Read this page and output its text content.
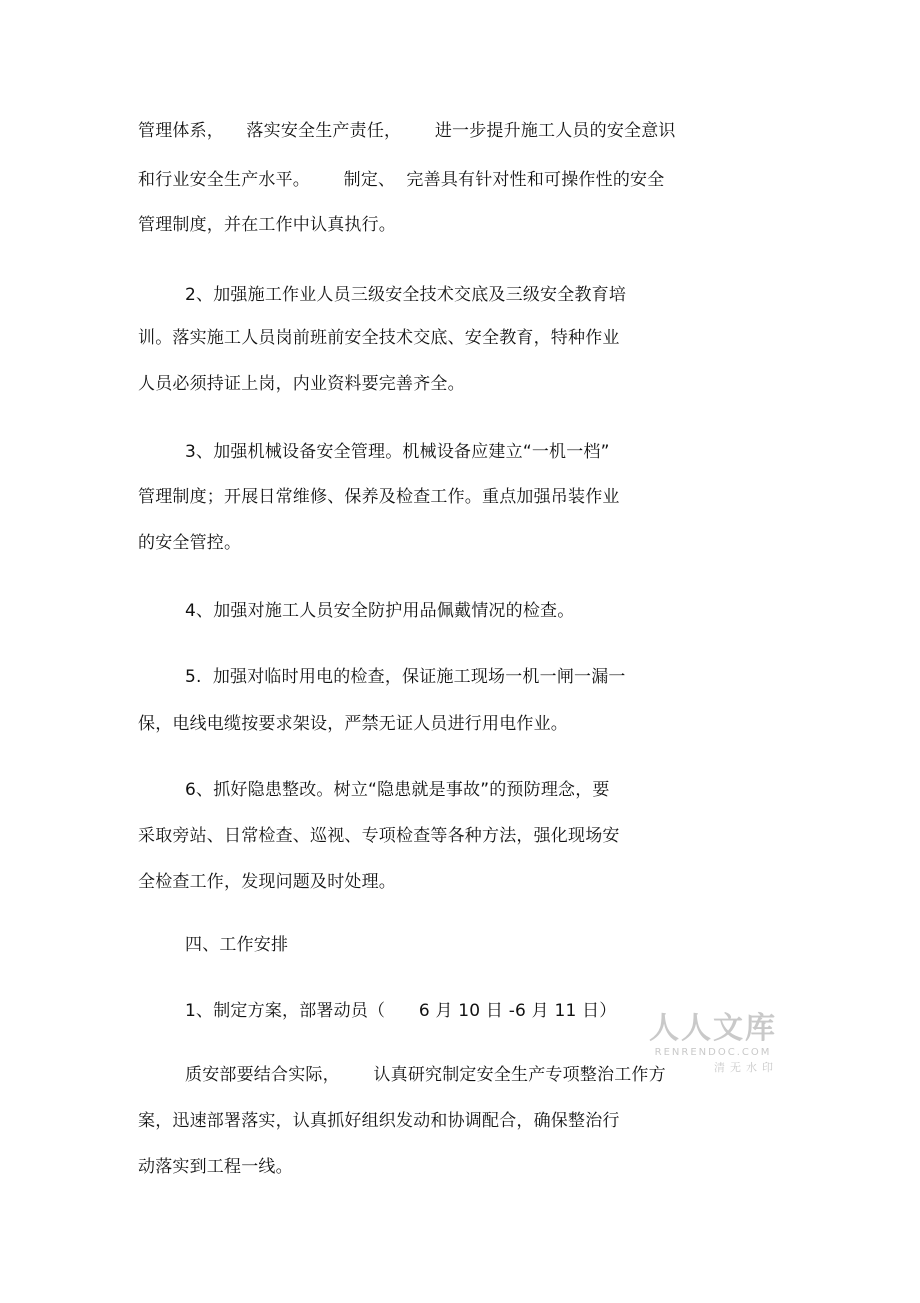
管理体系，    落实安全生产责任，      进一步提升施工人员的安全意识
和行业安全生产水平。      制定、  完善具有针对性和可操作性的安全
管理制度，并在工作中认真执行。
2、加强施工作业人员三级安全技术交底及三级安全教育培
训。落实施工人员岗前班前安全技术交底、安全教育，特种作业
人员必须持证上岗，内业资料要完善齐全。
3、加强机械设备安全管理。机械设备应建立“一机一档”
管理制度；开展日常维修、保养及检查工作。重点加强吊装作业
的安全管控。
4、加强对施工人员安全防护用品佩戴情况的检查。
5.  加强对临时用电的检查，保证施工现场一机一闸一漏一
保，电线电缆按要求架设，严禁无证人员进行用电作业。
6、抓好隐患整改。树立“隐患就是事故”的预防理念，要
采取旁站、日常检查、巡视、专项检查等各种方法，强化现场安
全检查工作，发现问题及时处理。
四、工作安排
1、制定方案，部署动员（      6 月 10 日 -6 月 11 日）
质安部要结合实际，      认真研究制定安全生产专项整治工作方
案，迅速部署落实，认真抓好组织发动和协调配合，确保整治行
动落实到工程一线。
人人文库
RENRENDOC.COM
清无水印
